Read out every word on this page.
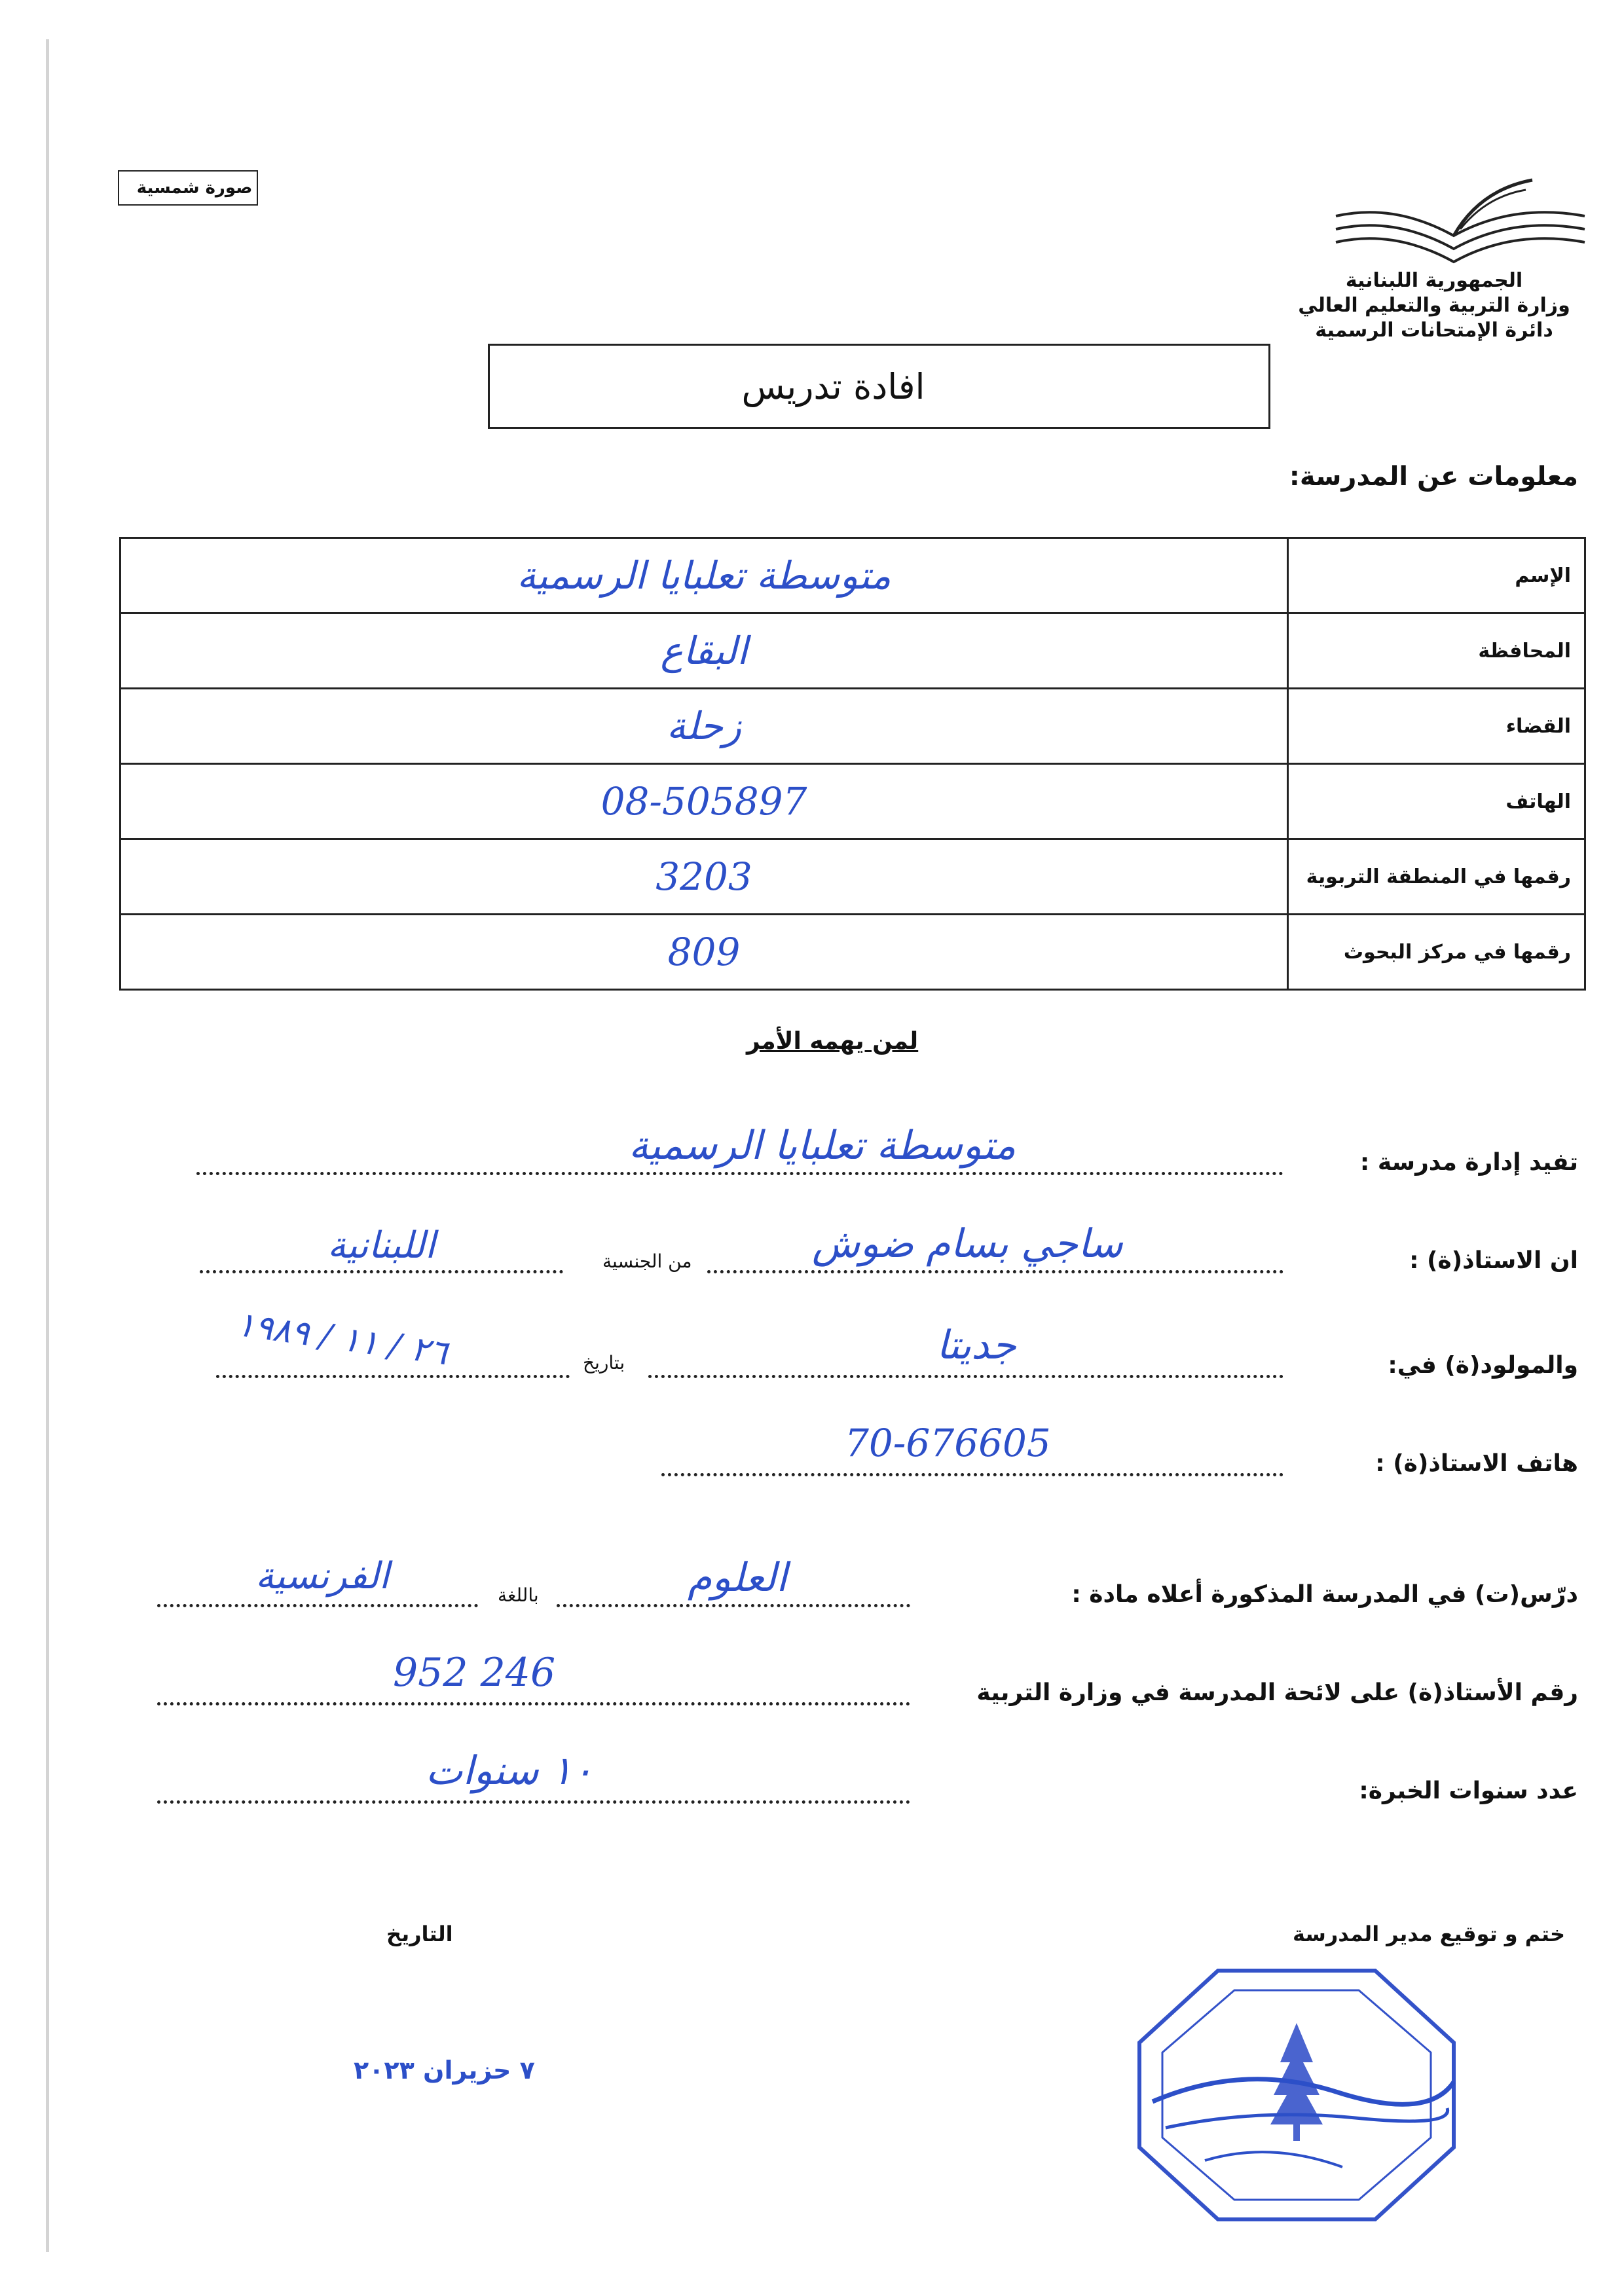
صورة شمسية
الجمهورية اللبنانية
وزارة التربية والتعليم العالي
دائرة الإمتحانات الرسمية
افادة تدريس
معلومات عن المدرسة:
متوسطة تعلبايا الرسمية	الإسم
البقاع	المحافظة
زحلة	القضاء
08-505897	الهاتف
3203	رقمها في المنطقة التربوية
809	رقمها في مركز البحوث
لمن يهمه الأمر
تفيد إدارة مدرسة :
متوسطة تعلبايا الرسمية
ان الاستاذ(ة) :
ساجي بسام ضوش
من الجنسية
اللبنانية
والمولود(ة) في:
جديتا
بتاريخ
٢٦ / ١١ / ١٩٨٩
هاتف الاستاذ(ة) :
70-676605
درّس(ت) في المدرسة المذكورة أعلاه مادة :
العلوم
باللغة
الفرنسية
رقم الأستاذ(ة) على لائحة المدرسة في وزارة التربية
952 246
عدد سنوات الخبرة:
١٠ سنوات
ختم و توقيع مدير المدرسة
التاريخ
٧ حزيران ٢٠٢٣
